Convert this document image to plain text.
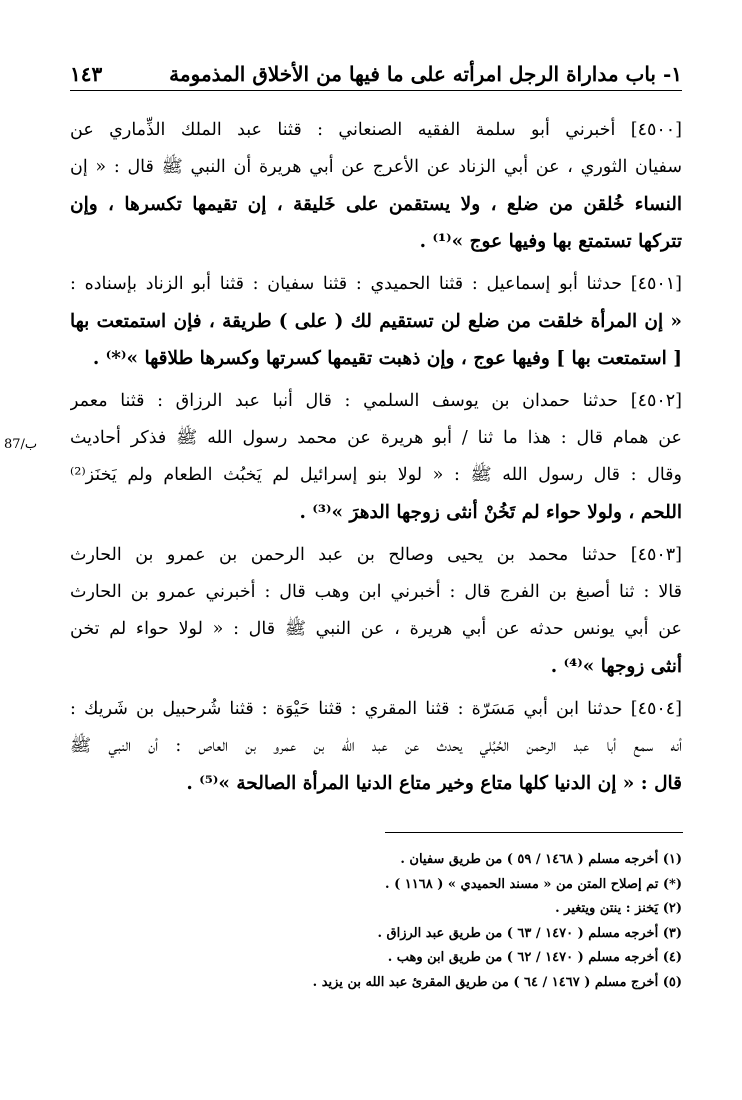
١- باب مداراة الرجل امرأته على ما فيها من الأخلاق المذمومة
١٤٣
ب/87
[٤٥٠٠] أخبرني أبو سلمة الفقيه الصنعاني : قثنا عبد الملك الذِّماري عن
سفيان الثوري ، عن أبي الزناد عن الأعرج عن أبي هريرة أن النبي ﷺ قال : « إن
النساء خُلقن من ضلع ، ولا يستقمن على خَليقة ، إن تقيمها تكسرها ، وإن
تتركها تستمتع بها وفيها عوج »⁽¹⁾ .
[٤٥٠١] حدثنا أبو إسماعيل : قثنا الحميدي : قثنا سفيان : قثنا أبو الزناد بإسناده :
« إن المرأة خلقت من ضلع لن تستقيم لك ( على ) طريقة ، فإن استمتعت بها
[ استمتعت بها ] وفيها عوج ، وإن ذهبت تقيمها كسرتها وكسرها طلاقها »⁽*⁾ .
[٤٥٠٢] حدثنا حمدان بن يوسف السلمي : قال أنبا عبد الرزاق : قثنا معمر
عن همام قال : هذا ما ثنا / أبو هريرة عن محمد رسول الله ﷺ فذكر أحاديث
وقال : قال رسول الله ﷺ : « لولا بنو إسرائيل لم يَخبُث الطعام ولم يَخنَز⁽²⁾
اللحم ، ولولا حواء لم تَخُنْ أنثى زوجها الدهرَ »⁽³⁾ .
[٤٥٠٣] حدثنا محمد بن يحيى وصالح بن عبد الرحمن بن عمرو بن الحارث
قالا : ثنا أصبغ بن الفرج قال : أخبرني ابن وهب قال : أخبرني عمرو بن الحارث
عن أبي يونس حدثه عن أبي هريرة ، عن النبي ﷺ قال : « لولا حواء لم تخن
أنثى زوجها »⁽⁴⁾ .
[٤٥٠٤] حدثنا ابن أبي مَسَرّة : قثنا المقري : قثنا حَيْوَة : قثنا شُرحبيل بن شَريك :
أنه سمع أبا عبد الرحمن الحُبُلي يحدث عن عبد الله بن عمرو بن العاص : أن النبي ﷺ
قال : « إن الدنيا كلها متاع وخير متاع الدنيا المرأة الصالحة »⁽⁵⁾ .
(١) أخرجه مسلم ( ١٤٦٨ / ٥٩ ) من طريق سفيان .
(*) تم إصلاح المتن من « مسند الحميدي » ( ١١٦٨ ) .
(٢) يَخنز : ينتن ويتغير .
(٣) أخرجه مسلم ( ١٤٧٠ / ٦٣ ) من طريق عبد الرزاق .
(٤) أخرجه مسلم ( ١٤٧٠ / ٦٢ ) من طريق ابن وهب .
(٥) أخرج مسلم ( ١٤٦٧ / ٦٤ ) من طريق المقرئ عبد الله بن يزيد .
